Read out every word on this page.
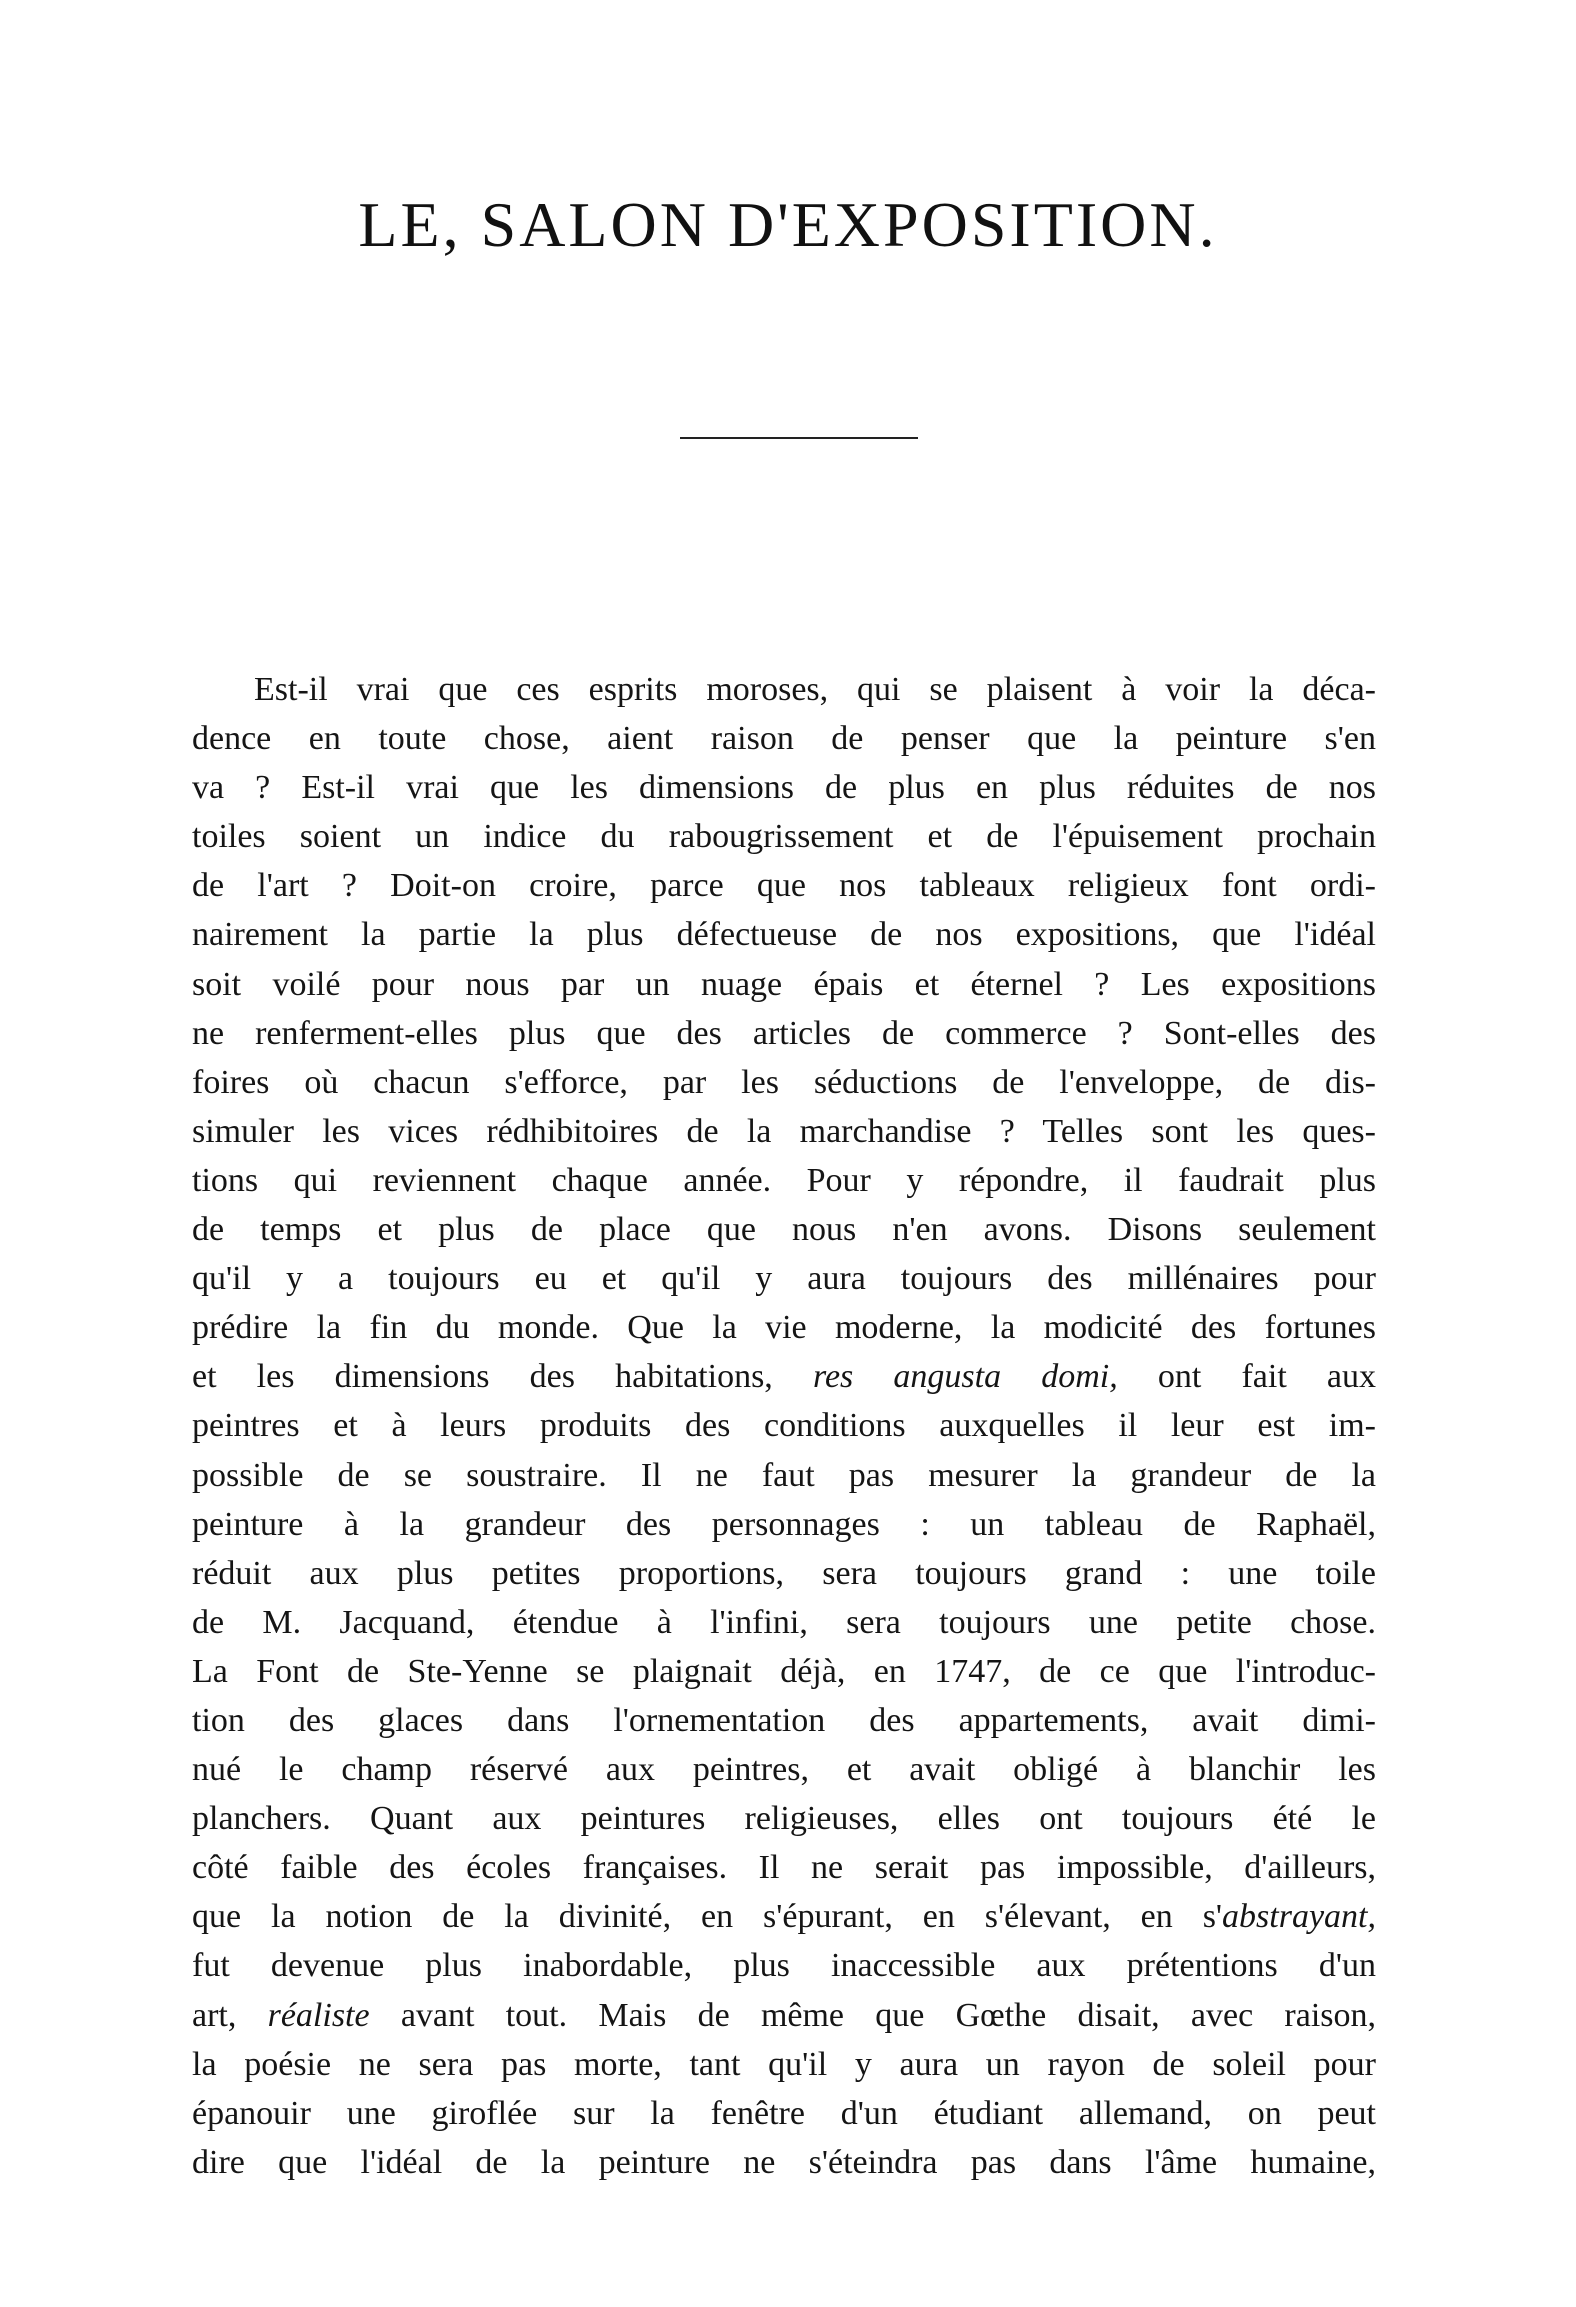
LE, SALON D'EXPOSITION.
Est-il vrai que ces esprits moroses, qui se plaisent à voir la déca-
dence en toute chose, aient raison de penser que la peinture s'en
va ? Est-il vrai que les dimensions de plus en plus réduites de nos
toiles soient un indice du rabougrissement et de l'épuisement prochain
de l'art ? Doit-on croire, parce que nos tableaux religieux font ordi-
nairement la partie la plus défectueuse de nos expositions, que l'idéal
soit voilé pour nous par un nuage épais et éternel ? Les expositions
ne renferment-elles plus que des articles de commerce ? Sont-elles des
foires où chacun s'efforce, par les séductions de l'enveloppe, de dis-
simuler les vices rédhibitoires de la marchandise ? Telles sont les ques-
tions qui reviennent chaque année. Pour y répondre, il faudrait plus
de temps et plus de place que nous n'en avons. Disons seulement
qu'il y a toujours eu et qu'il y aura toujours des millénaires pour
prédire la fin du monde. Que la vie moderne, la modicité des fortunes
et les dimensions des habitations, res angusta domi, ont fait aux
peintres et à leurs produits des conditions auxquelles il leur est im-
possible de se soustraire. Il ne faut pas mesurer la grandeur de la
peinture à la grandeur des personnages : un tableau de Raphaël,
réduit aux plus petites proportions, sera toujours grand : une toile
de M. Jacquand, étendue à l'infini, sera toujours une petite chose.
La Font de Ste-Yenne se plaignait déjà, en 1747, de ce que l'introduc-
tion des glaces dans l'ornementation des appartements, avait dimi-
nué le champ réservé aux peintres, et avait obligé à blanchir les
planchers. Quant aux peintures religieuses, elles ont toujours été le
côté faible des écoles françaises. Il ne serait pas impossible, d'ailleurs,
que la notion de la divinité, en s'épurant, en s'élevant, en s'abstrayant,
fut devenue plus inabordable, plus inaccessible aux prétentions d'un
art, réaliste avant tout. Mais de même que Gœthe disait, avec raison,
la poésie ne sera pas morte, tant qu'il y aura un rayon de soleil pour
épanouir une giroflée sur la fenêtre d'un étudiant allemand, on peut
dire que l'idéal de la peinture ne s'éteindra pas dans l'âme humaine,
